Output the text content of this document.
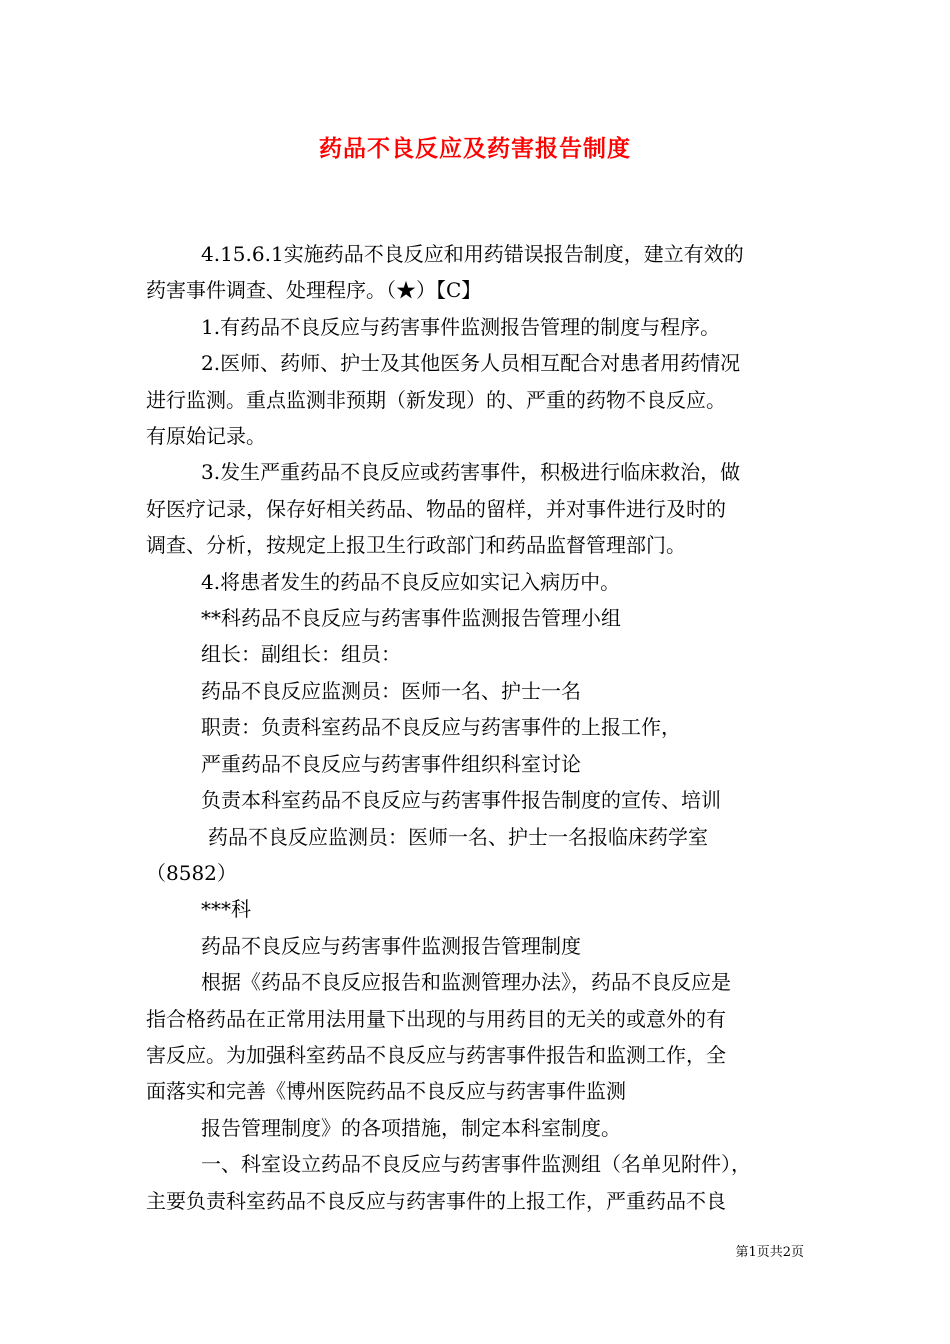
药品不良反应及药害报告制度

4.15.6.1实施药品不良反应和用药错误报告制度，建立有效的

药害事件调查、处理程序。（★）【C】

1.有药品不良反应与药害事件监测报告管理的制度与程序。

2.医师、药师、护士及其他医务人员相互配合对患者用药情况

进行监测。重点监测非预期（新发现）的、严重的药物不良反应。

有原始记录。

3.发生严重药品不良反应或药害事件，积极进行临床救治，做

好医疗记录，保存好相关药品、物品的留样，并对事件进行及时的

调查、分析，按规定上报卫生行政部门和药品监督管理部门。

4.将患者发生的药品不良反应如实记入病历中。

**科药品不良反应与药害事件监测报告管理小组

组长：副组长：组员：

药品不良反应监测员：医师一名、护士一名

职责：负责科室药品不良反应与药害事件的上报工作，

严重药品不良反应与药害事件组织科室讨论

负责本科室药品不良反应与药害事件报告制度的宣传、培训

药品不良反应监测员：医师一名、护士一名报临床药学室

（8582）

***科

药品不良反应与药害事件监测报告管理制度

根据《药品不良反应报告和监测管理办法》，药品不良反应是

指合格药品在正常用法用量下出现的与用药目的无关的或意外的有

害反应。为加强科室药品不良反应与药害事件报告和监测工作，全

面落实和完善《博州医院药品不良反应与药害事件监测

报告管理制度》的各项措施，制定本科室制度。

一、科室设立药品不良反应与药害事件监测组（名单见附件），

主要负责科室药品不良反应与药害事件的上报工作，严重药品不良

第1页共2页
